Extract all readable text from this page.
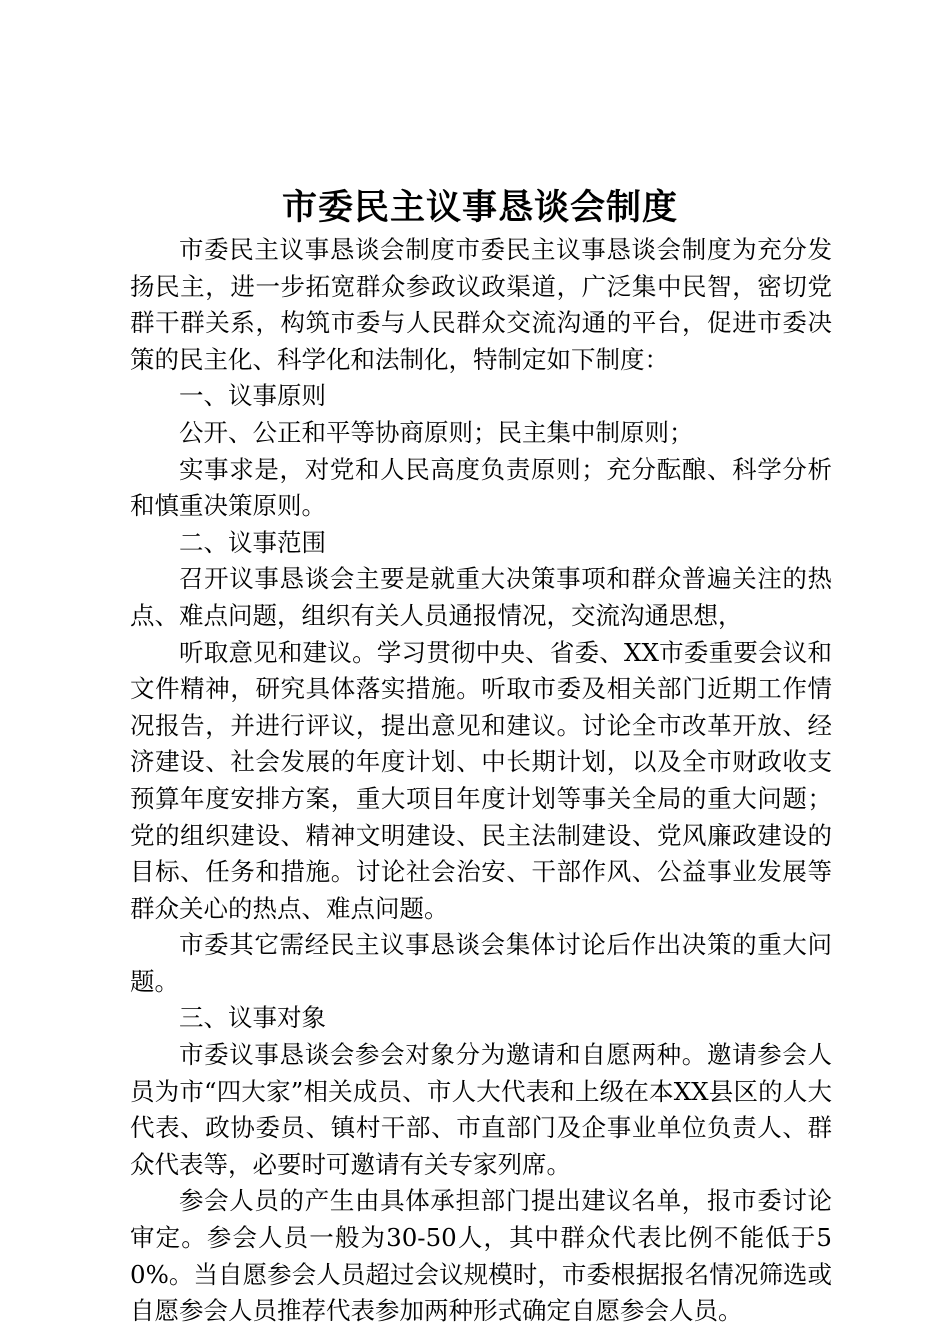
市委民主议事恳谈会制度

市委民主议事恳谈会制度市委民主议事恳谈会制度为充分发扬民主，进一步拓宽群众参政议政渠道，广泛集中民智，密切党群干群关系，构筑市委与人民群众交流沟通的平台，促进市委决策的民主化、科学化和法制化，特制定如下制度：

一、议事原则

公开、公正和平等协商原则；民主集中制原则；

实事求是，对党和人民高度负责原则；充分酝酿、科学分析和慎重决策原则。

二、议事范围

召开议事恳谈会主要是就重大决策事项和群众普遍关注的热点、难点问题，组织有关人员通报情况，交流沟通思想，

听取意见和建议。学习贯彻中央、省委、XX市委重要会议和文件精神，研究具体落实措施。听取市委及相关部门近期工作情况报告，并进行评议，提出意见和建议。讨论全市改革开放、经济建设、社会发展的年度计划、中长期计划，以及全市财政收支预算年度安排方案，重大项目年度计划等事关全局的重大问题；党的组织建设、精神文明建设、民主法制建设、党风廉政建设的目标、任务和措施。讨论社会治安、干部作风、公益事业发展等群众关心的热点、难点问题。

市委其它需经民主议事恳谈会集体讨论后作出决策的重大问题。

三、议事对象

市委议事恳谈会参会对象分为邀请和自愿两种。邀请参会人员为市“四大家”相关成员、市人大代表和上级在本XX县区的人大代表、政协委员、镇村干部、市直部门及企事业单位负责人、群众代表等，必要时可邀请有关专家列席。

参会人员的产生由具体承担部门提出建议名单，报市委讨论审定。参会人员一般为30-50人，其中群众代表比例不能低于50%。当自愿参会人员超过会议规模时，市委根据报名情况筛选或自愿参会人员推荐代表参加两种形式确定自愿参会人员。
